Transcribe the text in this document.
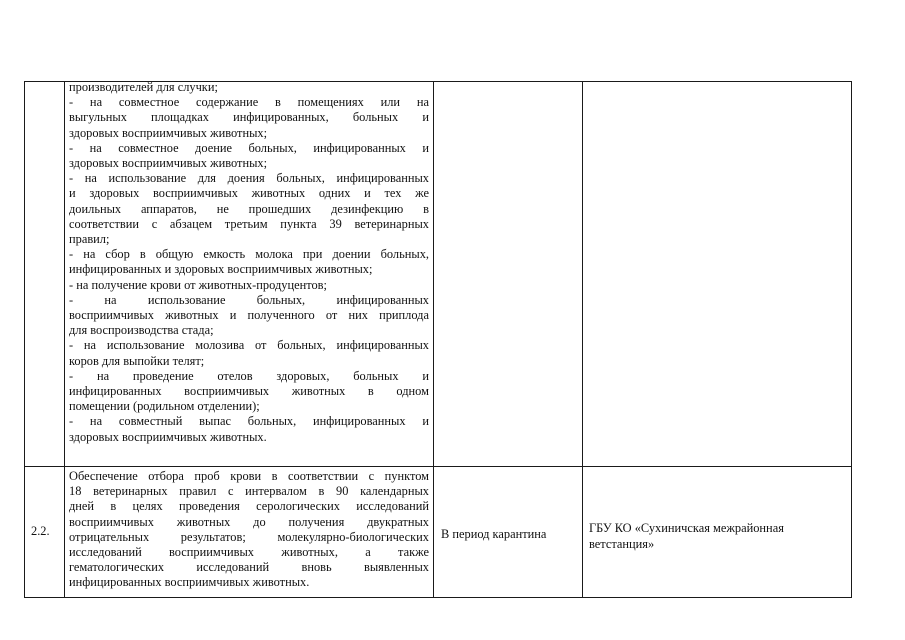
производителей для случки;
- на совместное содержание в помещениях или на
выгульных площадках инфицированных, больных и
здоровых восприимчивых животных;
- на совместное доение больных, инфицированных и
здоровых восприимчивых животных;
- на использование для доения больных, инфицированных
и здоровых восприимчивых животных одних и тех же
доильных аппаратов, не прошедших дезинфекцию в
соответствии с абзацем третьим пункта 39 ветеринарных
правил;
- на сбор в общую емкость молока при доении больных,
инфицированных и здоровых восприимчивых животных;
- на получение крови от животных-продуцентов;
- на использование больных, инфицированных
восприимчивых животных и полученного от них приплода
для воспроизводства стада;
- на использование молозива от больных, инфицированных
коров для выпойки телят;
- на проведение отелов здоровых, больных и
инфицированных восприимчивых животных в одном
помещении (родильном отделении);
- на совместный выпас больных, инфицированных и
здоровых восприимчивых животных.
2.2.
Обеспечение отбора проб крови в соответствии с пунктом
18 ветеринарных правил с интервалом в 90 календарных
дней в целях проведения серологических исследований
восприимчивых животных до получения двукратных
отрицательных результатов; молекулярно-биологических
исследований восприимчивых животных, а также
гематологических исследований вновь выявленных
инфицированных восприимчивых животных.
В период карантина	ГБУ КО «Сухиничская межрайонная
ветстанция»
